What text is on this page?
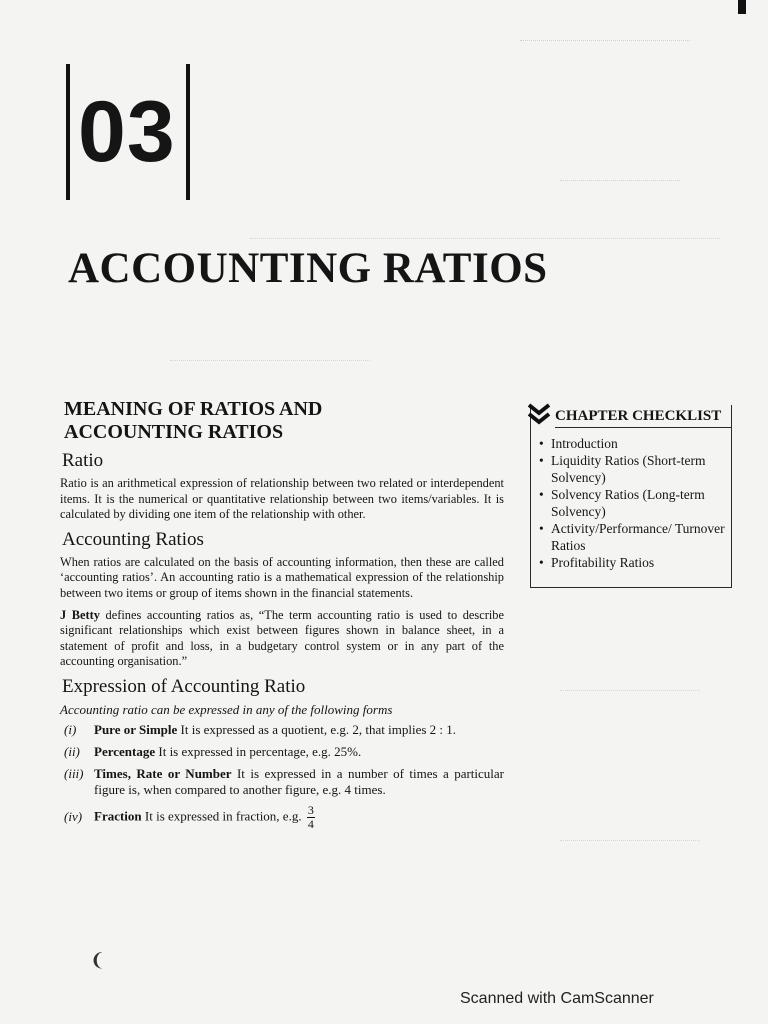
03
ACCOUNTING RATIOS
MEANING OF RATIOS AND
ACCOUNTING RATIOS
Ratio

Ratio is an arithmetical expression of relationship between two related or interdependent items. It is the numerical or quantitative relationship between two items/variables. It is calculated by dividing one item of the relationship with other.

Accounting Ratios

When ratios are calculated on the basis of accounting information, then these are called ‘accounting ratios’. An accounting ratio is a mathematical expression of the relationship between two items or group of items shown in the financial statements.

J Betty defines accounting ratios as, “The term accounting ratio is used to describe significant relationships which exist between figures shown in balance sheet, in a statement of profit and loss, in a budgetary control system or in any part of the accounting organisation.”

Expression of Accounting Ratio
Accounting ratio can be expressed in any of the following forms
(i)	Pure or Simple It is expressed as a quotient, e.g. 2, that implies 2 : 1.
(ii)	Percentage It is expressed in percentage, e.g. 25%.
(iii) Times, Rate or Number It is expressed in a number of times a particular figure is, when compared to another figure, e.g. 4 times.
(iv) Fraction It is expressed in fraction, e.g. $\frac{3}{4}$
CHAPTER CHECKLIST
• Introduction
• Liquidity Ratios (Short-term Solvency)
• Solvency Ratios (Long-term Solvency)
• Activity/Performance/ Turnover Ratios
• Profitability Ratios
❨
Scanned with CamScanner
